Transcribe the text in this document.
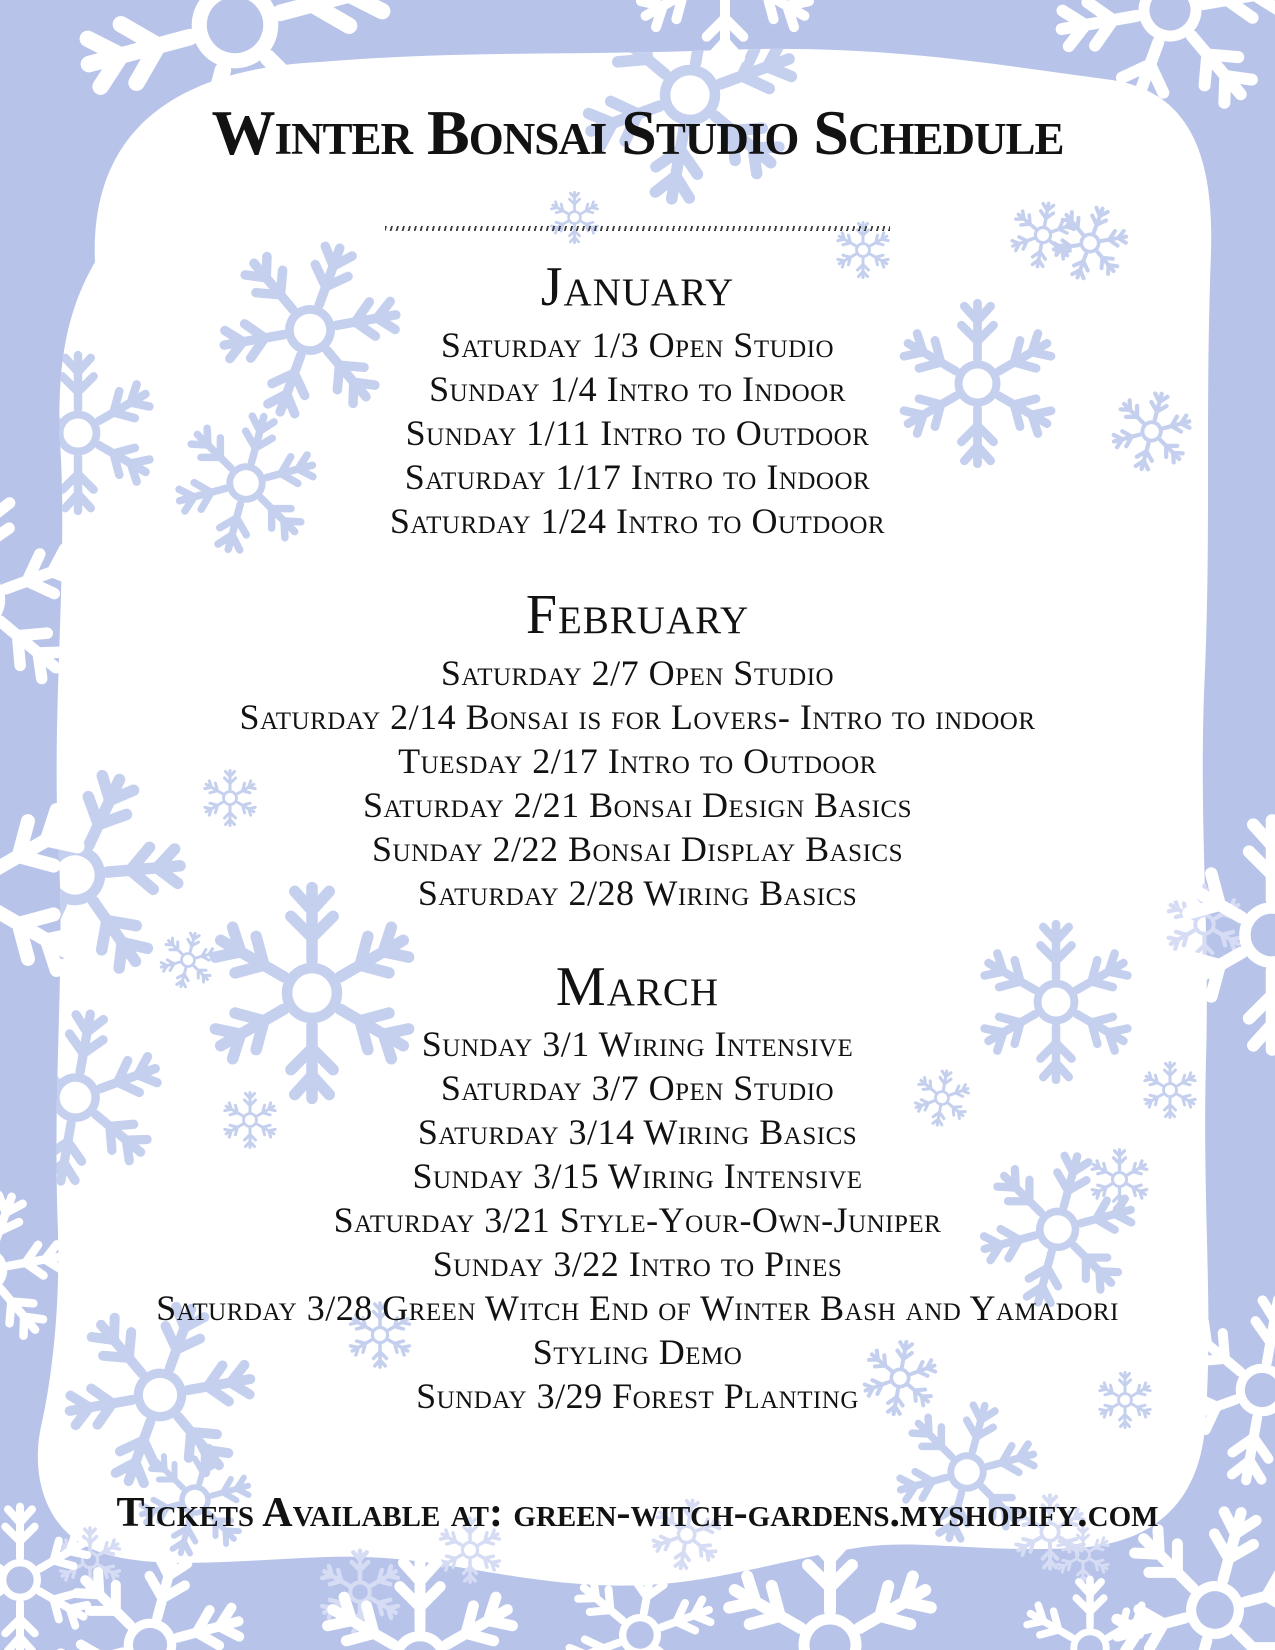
Winter Bonsai Studio Schedule
January

Saturday 1/3 Open Studio

Sunday 1/4 Intro to Indoor

Sunday 1/11 Intro to Outdoor

Saturday 1/17 Intro to Indoor

Saturday 1/24 Intro to Outdoor

February

Saturday 2/7 Open Studio

Saturday 2/14 Bonsai is for Lovers- Intro to indoor

Tuesday 2/17 Intro to Outdoor

Saturday 2/21 Bonsai Design Basics

Sunday 2/22 Bonsai Display Basics

Saturday 2/28 Wiring Basics

March

Sunday 3/1 Wiring Intensive

Saturday 3/7 Open Studio

Saturday 3/14 Wiring Basics

Sunday 3/15 Wiring Intensive

Saturday 3/21 Style-Your-Own-Juniper

Sunday 3/22 Intro to Pines

Saturday 3/28 Green Witch End of Winter Bash and Yamadori Styling Demo

Sunday 3/29 Forest Planting

Tickets Available at: green-witch-gardens.myshopify.com
